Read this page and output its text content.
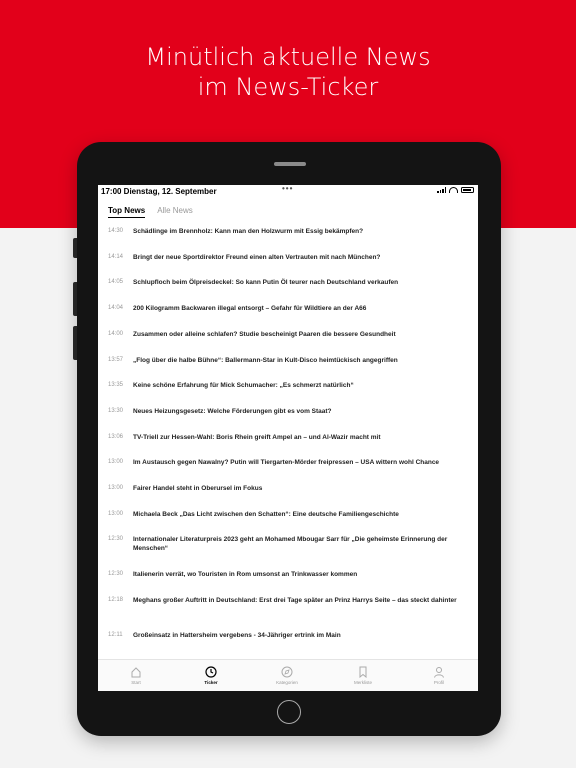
Minütlich aktuelle News
im News-Ticker
17:00 Dienstag, 12. September	•••
Top News Alle News
14:30 Schädlinge im Brennholz: Kann man den Holzwurm mit Essig bekämpfen?
14:14 Bringt der neue Sportdirektor Freund einen alten Vertrauten mit nach München?
14:05 Schlupfloch beim Ölpreisdeckel: So kann Putin Öl teurer nach Deutschland verkaufen
14:04 200 Kilogramm Backwaren illegal entsorgt – Gefahr für Wildtiere an der A66
14:00 Zusammen oder alleine schlafen? Studie bescheinigt Paaren die bessere Gesundheit
13:57 „Flog über die halbe Bühne“: Ballermann-Star in Kult-Disco heimtückisch angegriffen
13:35 Keine schöne Erfahrung für Mick Schumacher: „Es schmerzt natürlich“
13:30 Neues Heizungsgesetz: Welche Förderungen gibt es vom Staat?
13:06 TV-Triell zur Hessen-Wahl: Boris Rhein greift Ampel an – und Al-Wazir macht mit
13:00 Im Austausch gegen Nawalny? Putin will Tiergarten-Mörder freipressen – USA wittern wohl Chance
13:00 Fairer Handel steht in Oberursel im Fokus
13:00 Michaela Beck „Das Licht zwischen den Schatten“: Eine deutsche Familiengeschichte
12:30 Internationaler Literaturpreis 2023 geht an Mohamed Mbougar Sarr für „Die geheimste Erinnerung der Menschen“
12:30 Italienerin verrät, wo Touristen in Rom umsonst an Trinkwasser kommen
12:18 Meghans großer Auftritt in Deutschland: Erst drei Tage später an Prinz Harrys Seite – das steckt dahinter
12:11 Großeinsatz in Hattersheim vergebens - 34-Jähriger ertrink im Main
Start	Ticker	Kategorien	Merkliste	Profil
